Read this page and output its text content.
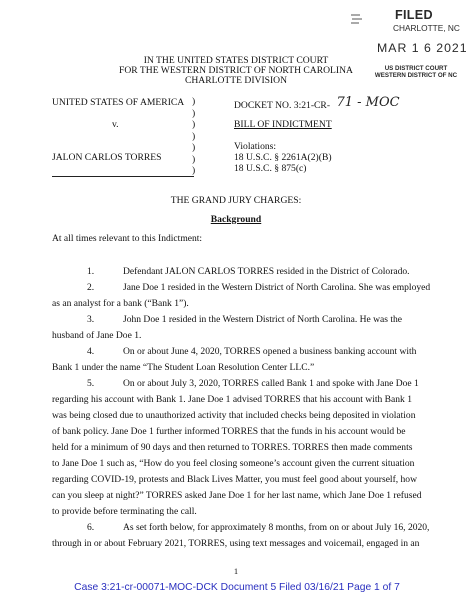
FILED
CHARLOTTE, NC
MAR 1 6 2021
US DISTRICT COURT
WESTERN DISTRICT OF NC
IN THE UNITED STATES DISTRICT COURT
FOR THE WESTERN DISTRICT OF NORTH CAROLINA
CHARLOTTE DIVISION
UNITED STATES OF AMERICA
v.
JALON CARLOS TORRES
)
)
)
)
)
)
)
DOCKET NO. 3:21-CR- 71 - MOC
BILL OF INDICTMENT
Violations:
18 U.S.C. § 2261A(2)(B)
18 U.S.C. § 875(c)
THE GRAND JURY CHARGES:
Background
At all times relevant to this Indictment:
1.	Defendant JALON CARLOS TORRES resided in the District of Colorado.
2.	Jane Doe 1 resided in the Western District of North Carolina. She was employed
as an analyst for a bank (“Bank 1”).
3.	John Doe 1 resided in the Western District of North Carolina. He was the
husband of Jane Doe 1.
4.	On or about June 4, 2020, TORRES opened a business banking account with
Bank 1 under the name “The Student Loan Resolution Center LLC.”
5.	On or about July 3, 2020, TORRES called Bank 1 and spoke with Jane Doe 1
regarding his account with Bank 1. Jane Doe 1 advised TORRES that his account with Bank 1
was being closed due to unauthorized activity that included checks being deposited in violation
of bank policy. Jane Doe 1 further informed TORRES that the funds in his account would be
held for a minimum of 90 days and then returned to TORRES. TORRES then made comments
to Jane Doe 1 such as, “How do you feel closing someone’s account given the current situation
regarding COVID-19, protests and Black Lives Matter, you must feel good about yourself, how
can you sleep at night?” TORRES asked Jane Doe 1 for her last name, which Jane Doe 1 refused
to provide before terminating the call.
6.	As set forth below, for approximately 8 months, from on or about July 16, 2020,
through in or about February 2021, TORRES, using text messages and voicemail, engaged in an
1
Case 3:21-cr-00071-MOC-DCK Document 5 Filed 03/16/21 Page 1 of 7
